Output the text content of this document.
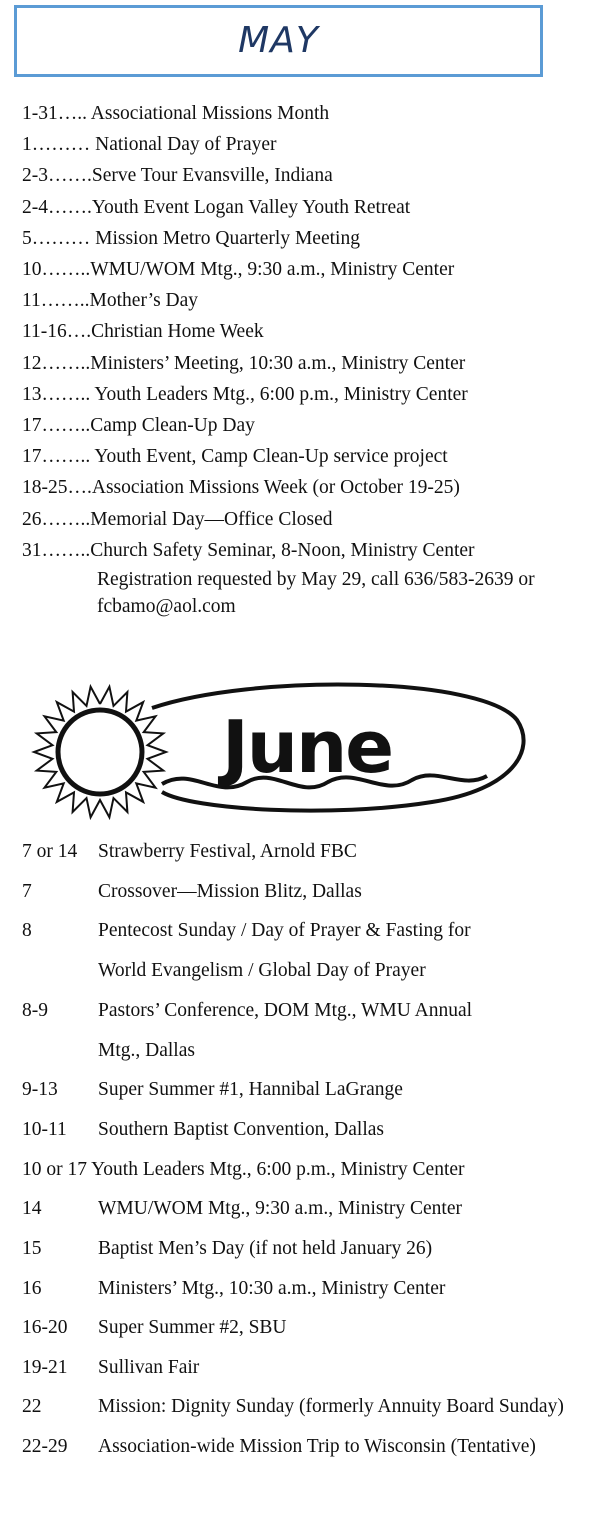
MAY
1-31….. Associational Missions Month
1……… National Day of Prayer
2-3…….Serve Tour Evansville, Indiana
2-4…….Youth Event Logan Valley Youth Retreat
5……… Mission Metro Quarterly Meeting
10……..WMU/WOM Mtg., 9:30 a.m., Ministry Center
11……..Mother’s Day
11-16….Christian Home Week
12……..Ministers’ Meeting, 10:30 a.m., Ministry Center
13…….. Youth Leaders Mtg., 6:00 p.m., Ministry Center
17……..Camp Clean-Up Day
17…….. Youth Event, Camp Clean-Up service project
18-25….Association Missions Week (or October 19-25)
26……..Memorial Day—Office Closed
31……..Church Safety Seminar, 8-Noon, Ministry Center
Registration requested by May 29, call 636/583-2639 or fcbamo@aol.com
June
7 or 14	Strawberry Festival, Arnold FBC
7	Crossover—Mission Blitz, Dallas
8	Pentecost Sunday / Day of Prayer & Fasting for
World Evangelism / Global Day of Prayer
8-9	Pastors’ Conference, DOM Mtg., WMU Annual
Mtg., Dallas
9-13	Super Summer #1, Hannibal LaGrange
10-11	Southern Baptist Convention, Dallas
10 or 17 Youth Leaders Mtg., 6:00 p.m., Ministry Center
14	WMU/WOM Mtg., 9:30 a.m., Ministry Center
15	Baptist Men’s Day (if not held January 26)
16	Ministers’ Mtg., 10:30 a.m., Ministry Center
16-20	Super Summer #2, SBU
19-21	Sullivan Fair
22	Mission: Dignity Sunday (formerly Annuity Board Sunday)
22-29	Association-wide Mission Trip to Wisconsin (Tentative)
